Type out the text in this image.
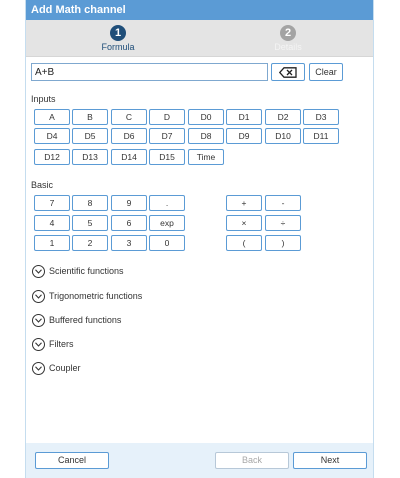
Add Math channel
1
Formula
2
Details
A+B
Clear
Inputs
A	B	C	D	D0	D1	D2	D3
D4	D5	D6	D7	D8	D9	D10	D11
D12	D13	D14	D15	Time
Basic
7	8	9	.	+	-
4	5	6	exp	×	÷
1	2	3	0	(	)
Scientific functions
Trigonometric functions
Buffered functions
Filters
Coupler
Cancel	Back	Next
